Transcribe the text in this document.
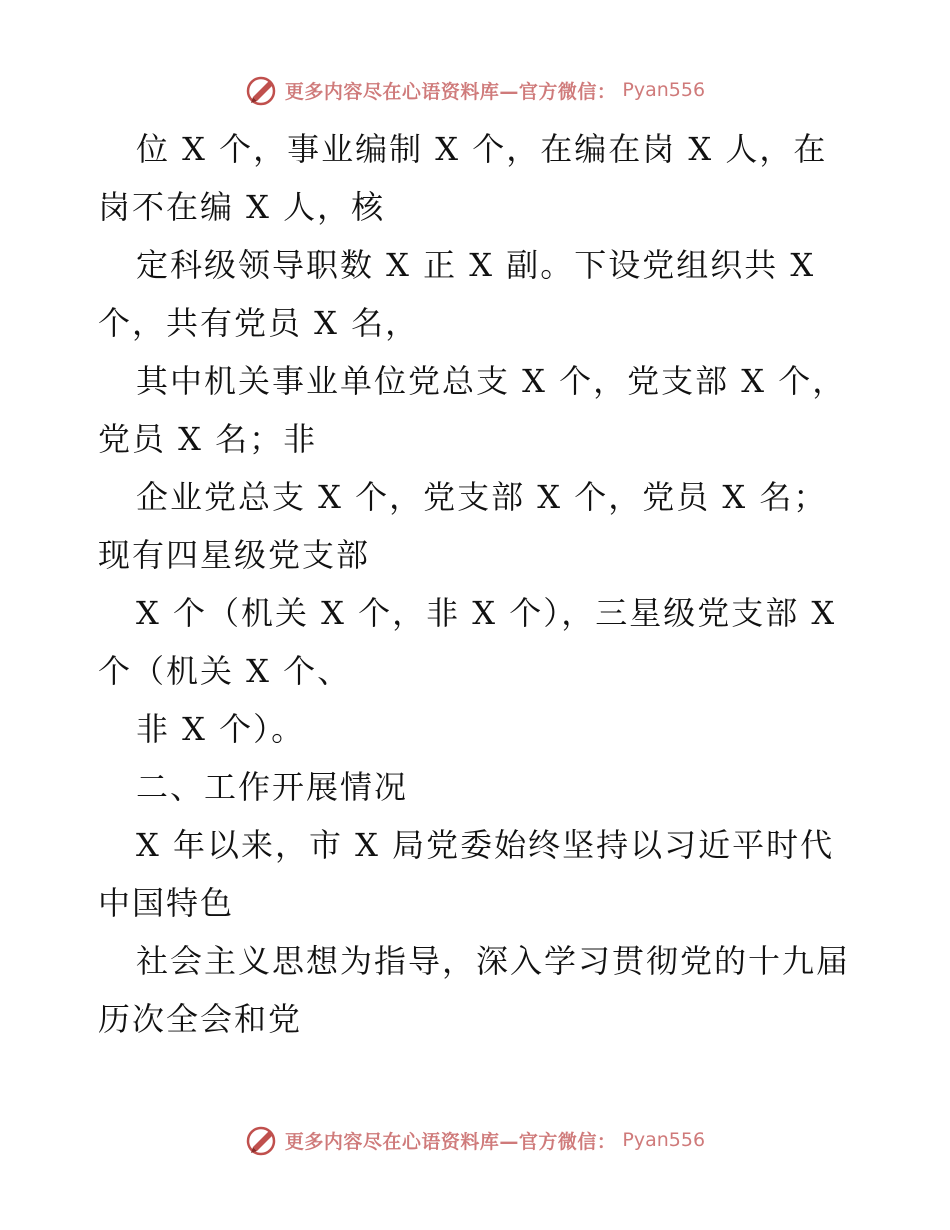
更多内容尽在心语资料库—官方微信： Pyan556
位 X 个，事业编制 X 个，在编在岗 X 人，在
岗不在编 X 人，核
定科级领导职数 X 正 X 副。下设党组织共 X
个，共有党员 X 名，
其中机关事业单位党总支 X 个，党支部 X 个，
党员 X 名；非
企业党总支 X 个，党支部 X 个，党员 X 名；
现有四星级党支部
X 个（机关 X 个，非 X 个），三星级党支部 X
个（机关 X 个、
非 X 个）。
二、工作开展情况
X 年以来，市 X 局党委始终坚持以习近平时代
中国特色
社会主义思想为指导，深入学习贯彻党的十九届
历次全会和党
更多内容尽在心语资料库—官方微信： Pyan556
